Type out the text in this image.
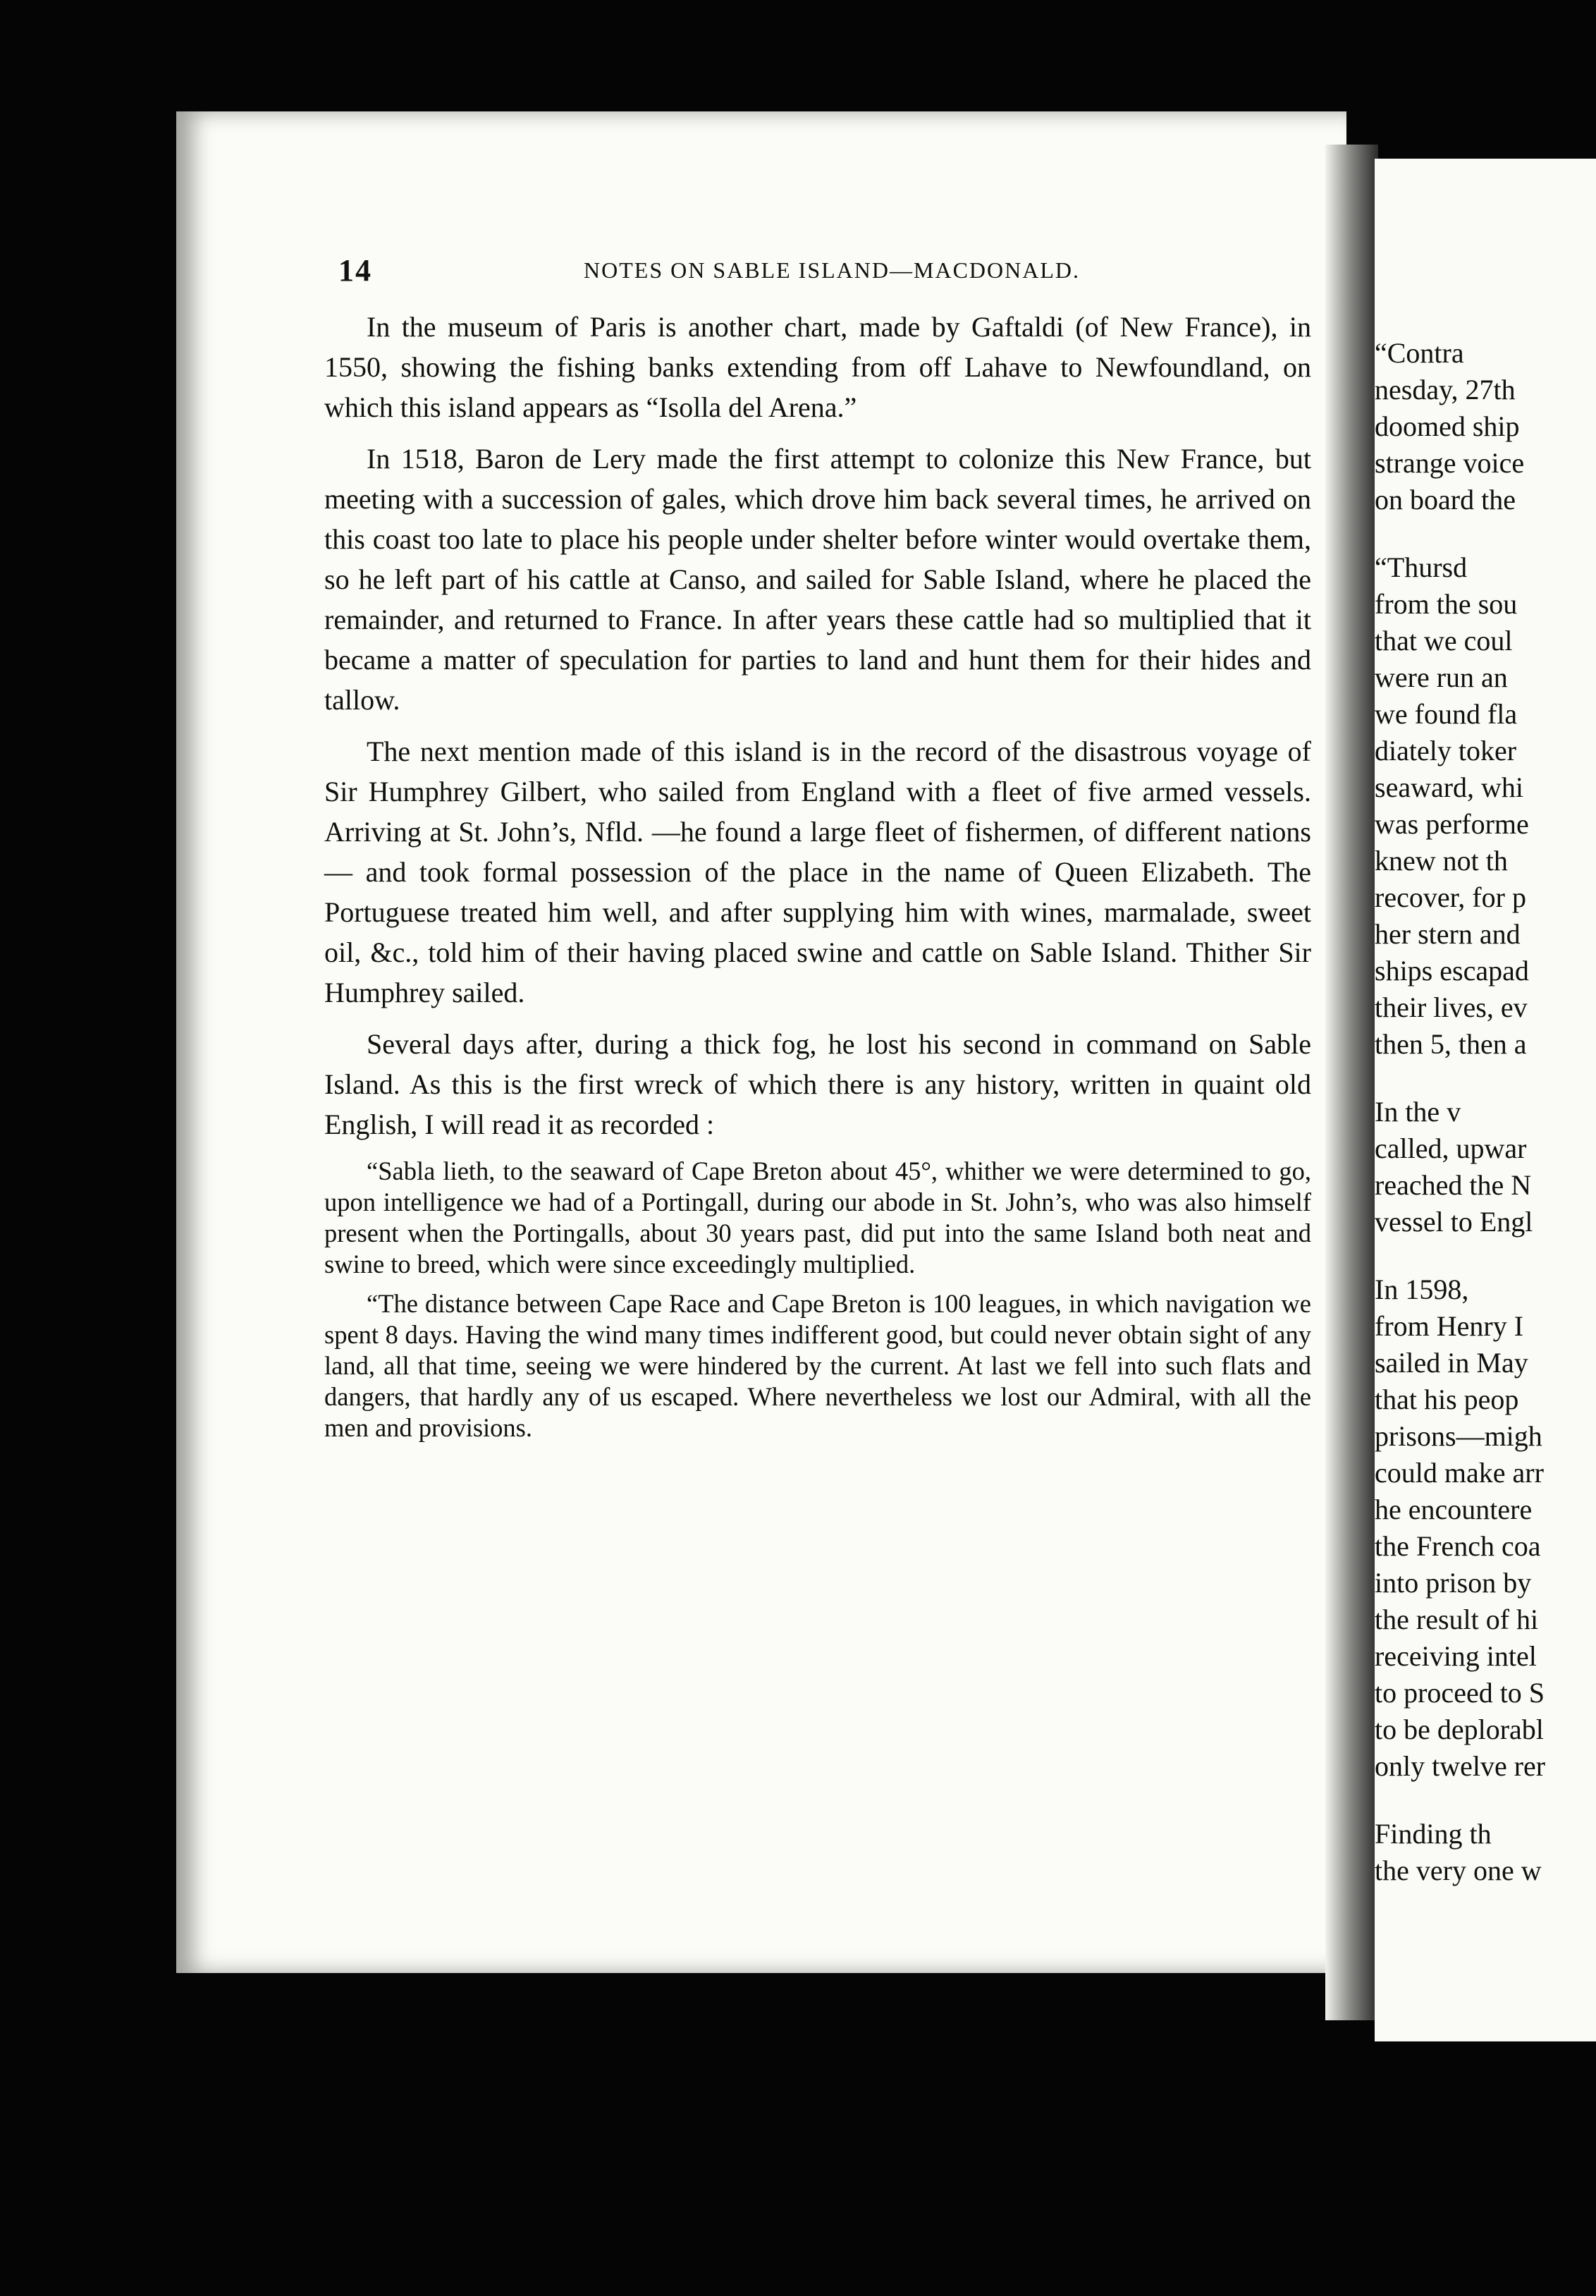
14	NOTES ON SABLE ISLAND—MACDONALD.

In the museum of Paris is another chart, made by Gaftaldi (of New France), in 1550, showing the fishing banks extending from off Lahave to Newfoundland, on which this island appears as “Isolla del Arena.”

In 1518, Baron de Lery made the first attempt to colonize this New France, but meeting with a succession of gales, which drove him back several times, he arrived on this coast too late to place his people under shelter before winter would overtake them, so he left part of his cattle at Canso, and sailed for Sable Island, where he placed the remainder, and returned to France. In after years these cattle had so multiplied that it became a matter of speculation for parties to land and hunt them for their hides and tallow.

The next mention made of this island is in the record of the disastrous voyage of Sir Humphrey Gilbert, who sailed from England with a fleet of five armed vessels. Arriving at St. John’s, Nfld. —he found a large fleet of fishermen, of different nations— and took formal possession of the place in the name of Queen Elizabeth. The Portuguese treated him well, and after supplying him with wines, marmalade, sweet oil, &c., told him of their having placed swine and cattle on Sable Island. Thither Sir Humphrey sailed.

Several days after, during a thick fog, he lost his second in command on Sable Island. As this is the first wreck of which there is any history, written in quaint old English, I will read it as recorded :

“Sabla lieth, to the seaward of Cape Breton about 45°, whither we were determined to go, upon intelligence we had of a Portingall, during our abode in St. John’s, who was also himself present when the Portingalls, about 30 years past, did put into the same Island both neat and swine to breed, which were since exceedingly multiplied.

“The distance between Cape Race and Cape Breton is 100 leagues, in which navigation we spent 8 days. Having the wind many times indifferent good, but could never obtain sight of any land, all that time, seeing we were hindered by the current. At last we fell into such flats and dangers, that hardly any of us escaped. Where nevertheless we lost our Admiral, with all the men and provisions.

“Contra
nesday, 27th
doomed ship
strange voice
on board the
“Thursd
from the sou
that we coul
were run an
we found fla
diately toker
seaward, whi
was performe
knew not th
recover, for p
her stern and
ships escapad
their lives, ev
then 5, then a
In the v
called, upwar
reached the N
vessel to Engl
In 1598,
from Henry I
sailed in May
that his peop
prisons—migh
could make arr
he encountere
the French coa
into prison by
the result of hi
receiving intel
to proceed to S
to be deplorabl
only twelve rer
Finding th
the very one w
